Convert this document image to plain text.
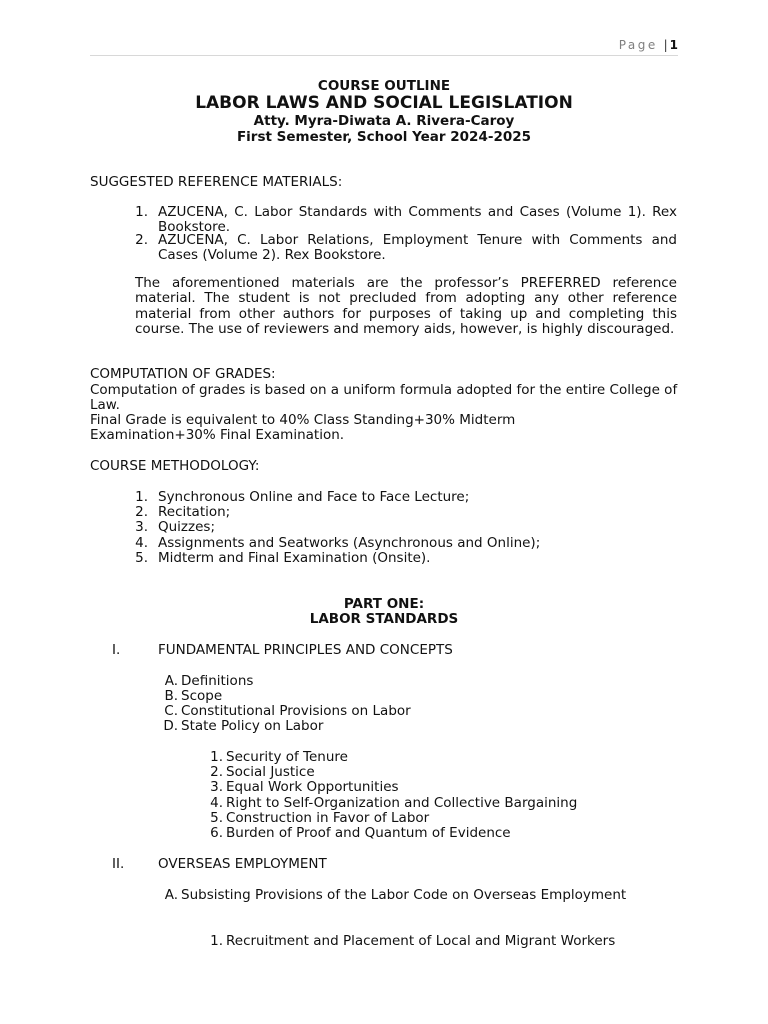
Page | 1
COURSE OUTLINE
LABOR LAWS AND SOCIAL LEGISLATION
Atty. Myra-Diwata A. Rivera-Caroy
First Semester, School Year 2024-2025
SUGGESTED REFERENCE MATERIALS:
1. AZUCENA, C. Labor Standards with Comments and Cases (Volume 1). Rex Bookstore.
2. AZUCENA, C. Labor Relations, Employment Tenure with Comments and Cases (Volume 2). Rex Bookstore.
The aforementioned materials are the professor’s PREFERRED reference material. The student is not precluded from adopting any other reference material from other authors for purposes of taking up and completing this course. The use of reviewers and memory aids, however, is highly discouraged.
COMPUTATION OF GRADES:
Computation of grades is based on a uniform formula adopted for the entire College of Law.
Final Grade is equivalent to 40% Class Standing+30% Midterm Examination+30% Final Examination.
COURSE METHODOLOGY:
1. Synchronous Online and Face to Face Lecture;
2. Recitation;
3. Quizzes;
4. Assignments and Seatworks (Asynchronous and Online);
5. Midterm and Final Examination (Onsite).
PART ONE:
LABOR STANDARDS
I.	FUNDAMENTAL PRINCIPLES AND CONCEPTS
A. Definitions
B. Scope
C. Constitutional Provisions on Labor
D. State Policy on Labor
1. Security of Tenure
2. Social Justice
3. Equal Work Opportunities
4. Right to Self-Organization and Collective Bargaining
5. Construction in Favor of Labor
6. Burden of Proof and Quantum of Evidence
II. OVERSEAS EMPLOYMENT
A. Subsisting Provisions of the Labor Code on Overseas Employment
1. Recruitment and Placement of Local and Migrant Workers
